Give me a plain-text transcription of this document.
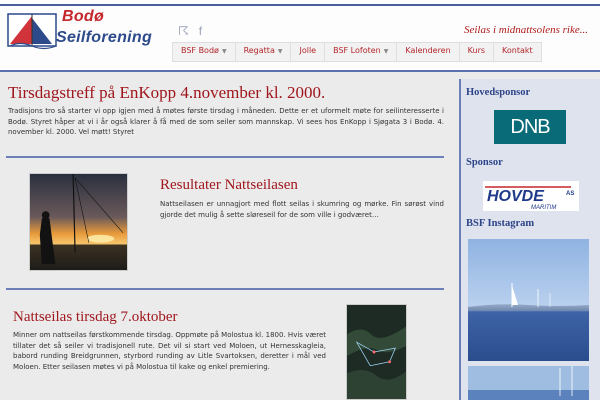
Bodø
Seilforening ☈ f	Seilas i midnattsolens rike...
BSF Bodø ▼	Regatta ▼	Jolle	BSF Lofoten ▼	Kalenderen	Kurs	Kontakt
Tirsdagstreff på EnKopp 4.november kl. 2000.

Tradisjons tro så starter vi opp igjen med å møtes første tirsdag i måneden. Dette er et uformelt møte for seilinteresserte i Bodø. Styret håper at vi i år også klarer å få med de som seiler som mannskap. Vi sees hos EnKopp i Sjøgata 3 i Bodø. 4. november kl. 2000. Vel møtt! Styret

Resultater Nattseilasen

Nattseilasen er unnagjort med flott seilas i skumring og mørke. Fin sørøst vind gjorde det mulig å sette sløreseil for de som ville i godværet…

Nattseilas tirsdag 7.oktober

Minner om nattseilas førstkommende tirsdag. Oppmøte på Molostua kl. 1800. Hvis været tillater det så seiler vi tradisjonell rute. Det vil si start ved Moloen, ut Hernesskagleia, babord runding Breidgrunnen, styrbord runding av Litle Svartoksen, deretter i mål ved Moloen. Etter seilasen møtes vi på Molostua til kake og enkel premiering.

Hovedsponsor
DNB
Sponsor
HOVDE	AS
MARITIM
BSF Instagram
